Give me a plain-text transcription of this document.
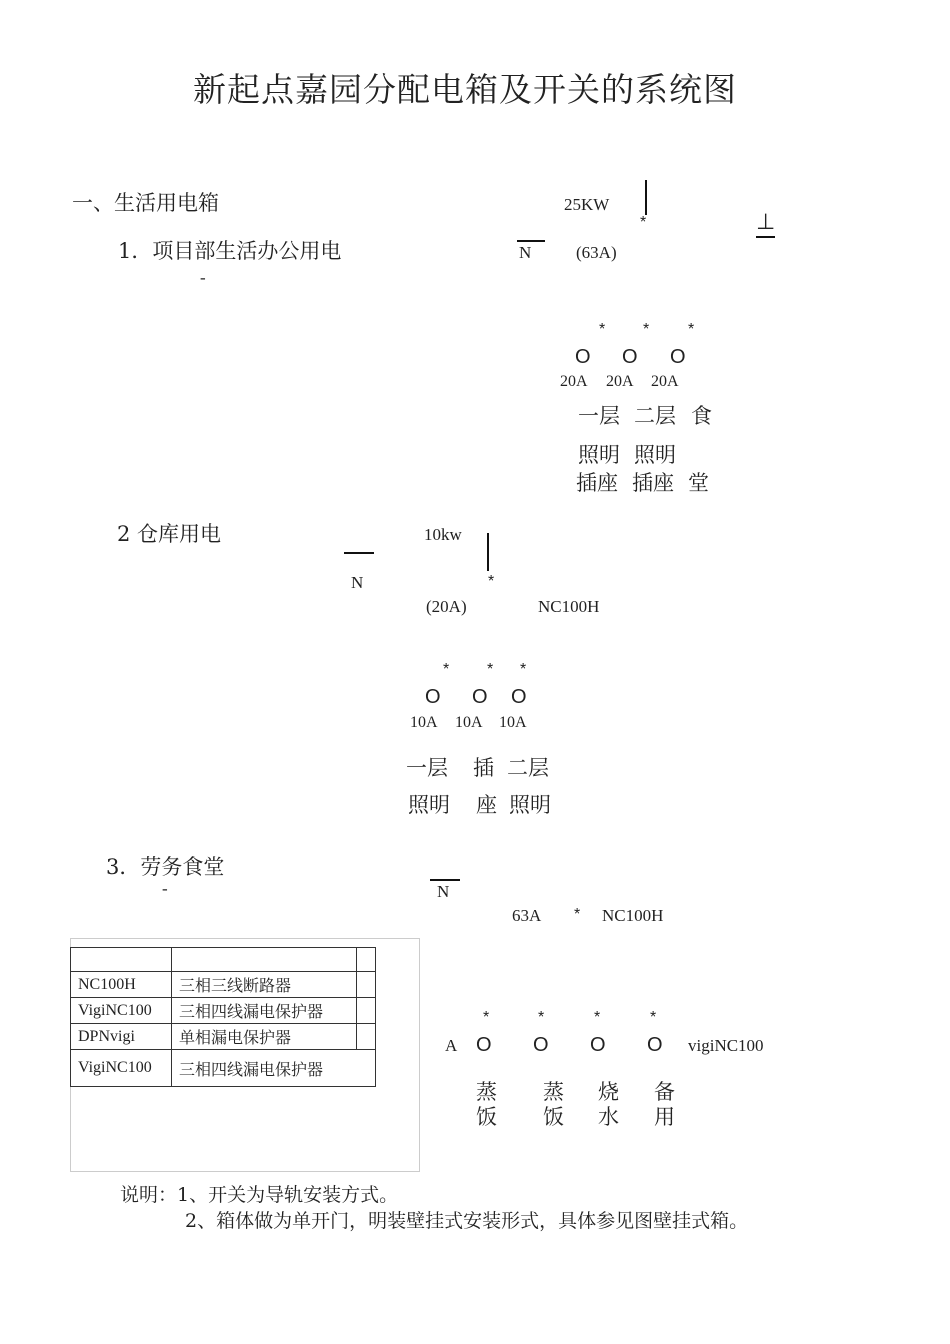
新起点嘉园分配电箱及开关的系统图
一、生活用电箱
1．项目部生活办公用电
-
25KW
*
N	(63A)
⊥
* * *
O O O
20A 20A 20A
一层
照明
插座
二层
照明
插座
食
堂
2 仓库用电	10kw
N	*
(20A)	NC100H
* * *
O O O
10A 10A 10A
一层
照明
插
座
二层
照明
3．劳务食堂
-	N
63A * NC100H
*	*	*	*
A O O O O vigiNC100
蒸
饭
蒸
饭
烧
水
备
用

NC100H	三相三线断路器	
VigiNC100	三相四线漏电保护器	
DPNvigi	单相漏电保护器	
VigiNC100	三相四线漏电保护器	
说明：1、开关为导轨安装方式。
2、箱体做为单开门，明装壁挂式安装形式，具体参见图壁挂式箱。
